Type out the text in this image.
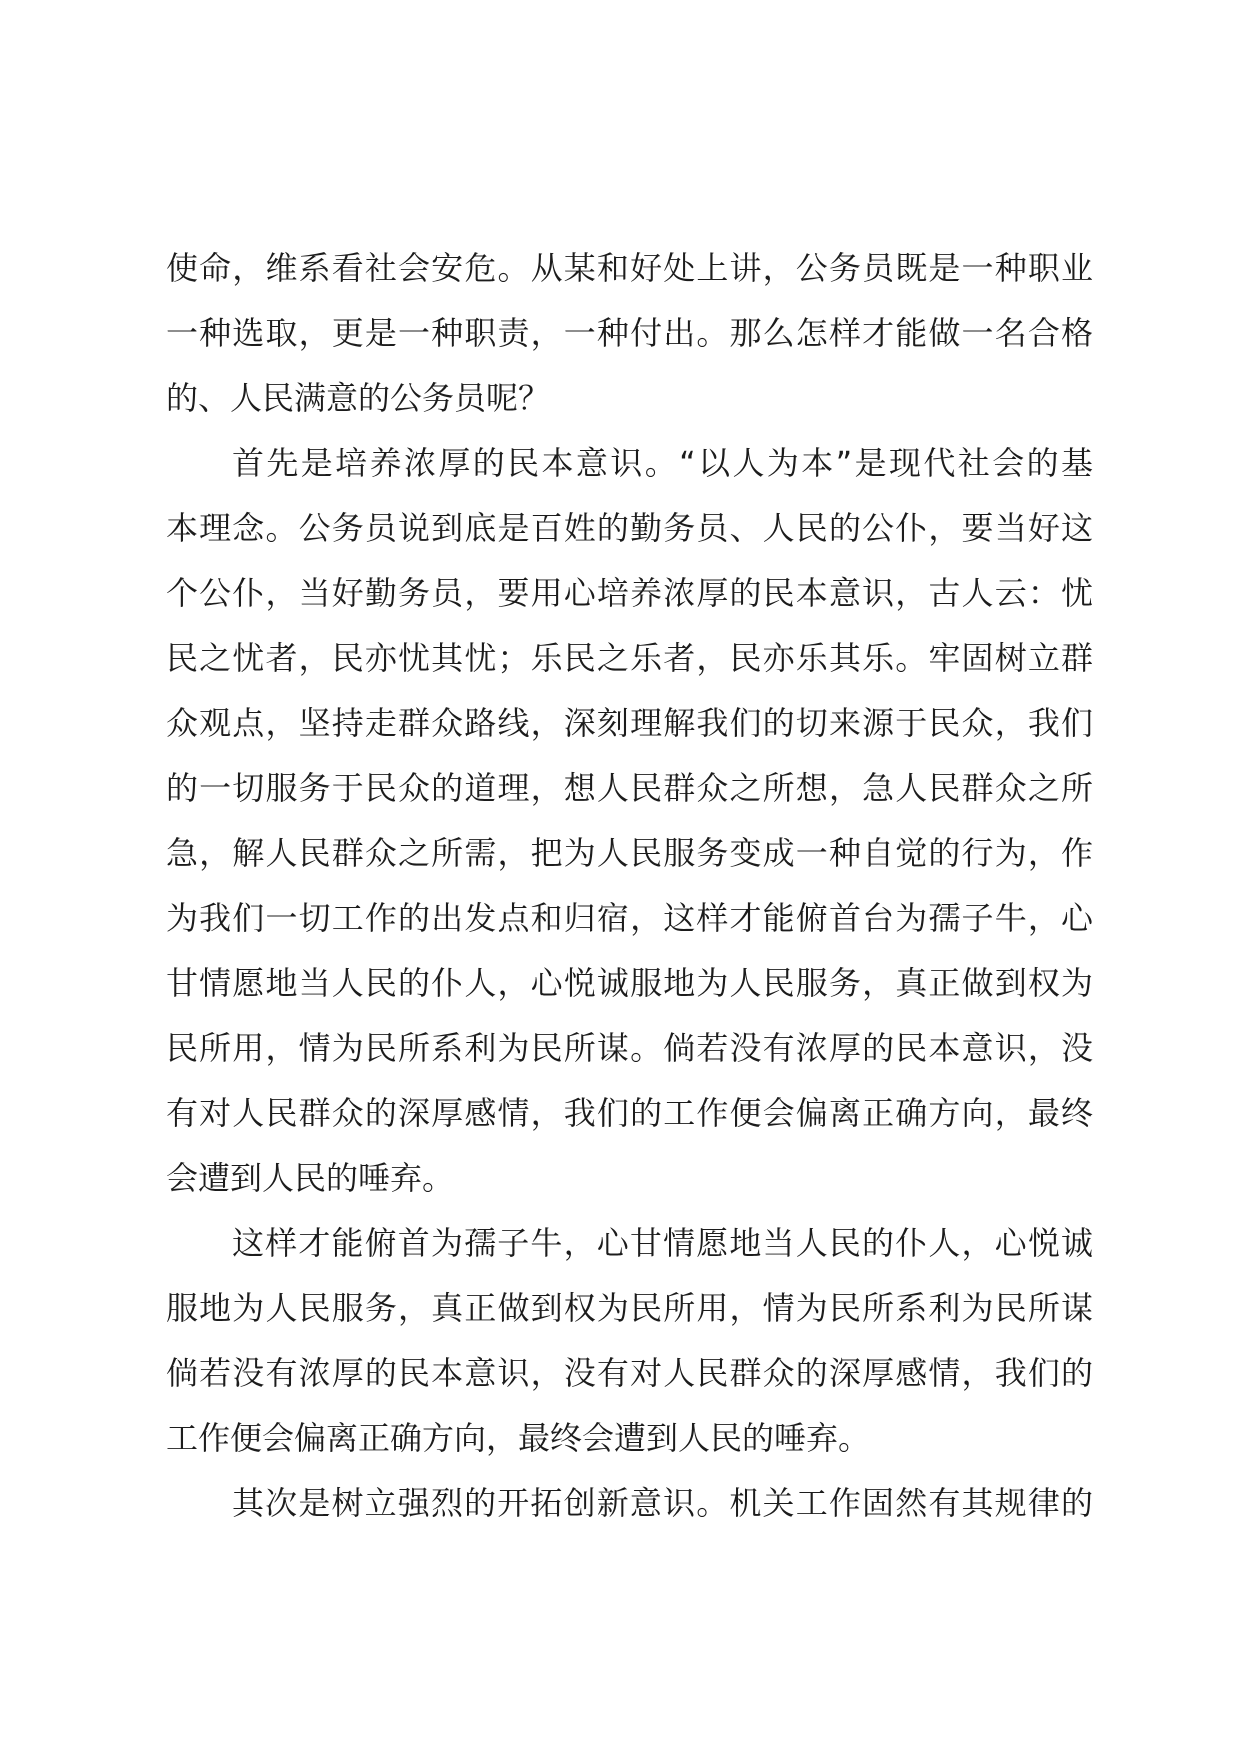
使命，维系看社会安危。从某和好处上讲，公务员既是一种职业
一种选取，更是一种职责，一种付出。那么怎样才能做一名合格
的、人民满意的公务员呢？
首先是培养浓厚的民本意识。“以人为本”是现代社会的基
本理念。公务员说到底是百姓的勤务员、人民的公仆，要当好这
个公仆，当好勤务员，要用心培养浓厚的民本意识，古人云：忧
民之忧者，民亦忧其忧；乐民之乐者，民亦乐其乐。牢固树立群
众观点，坚持走群众路线，深刻理解我们的切来源于民众，我们
的一切服务于民众的道理，想人民群众之所想，急人民群众之所
急，解人民群众之所需，把为人民服务变成一种自觉的行为，作
为我们一切工作的出发点和归宿，这样才能俯首台为孺子牛，心
甘情愿地当人民的仆人，心悦诚服地为人民服务，真正做到权为
民所用，情为民所系利为民所谋。倘若没有浓厚的民本意识，没
有对人民群众的深厚感情，我们的工作便会偏离正确方向，最终
会遭到人民的唾弃。
这样才能俯首为孺子牛，心甘情愿地当人民的仆人，心悦诚
服地为人民服务，真正做到权为民所用，情为民所系利为民所谋
倘若没有浓厚的民本意识，没有对人民群众的深厚感情，我们的
工作便会偏离正确方向，最终会遭到人民的唾弃。
其次是树立强烈的开拓创新意识。机关工作固然有其规律的
